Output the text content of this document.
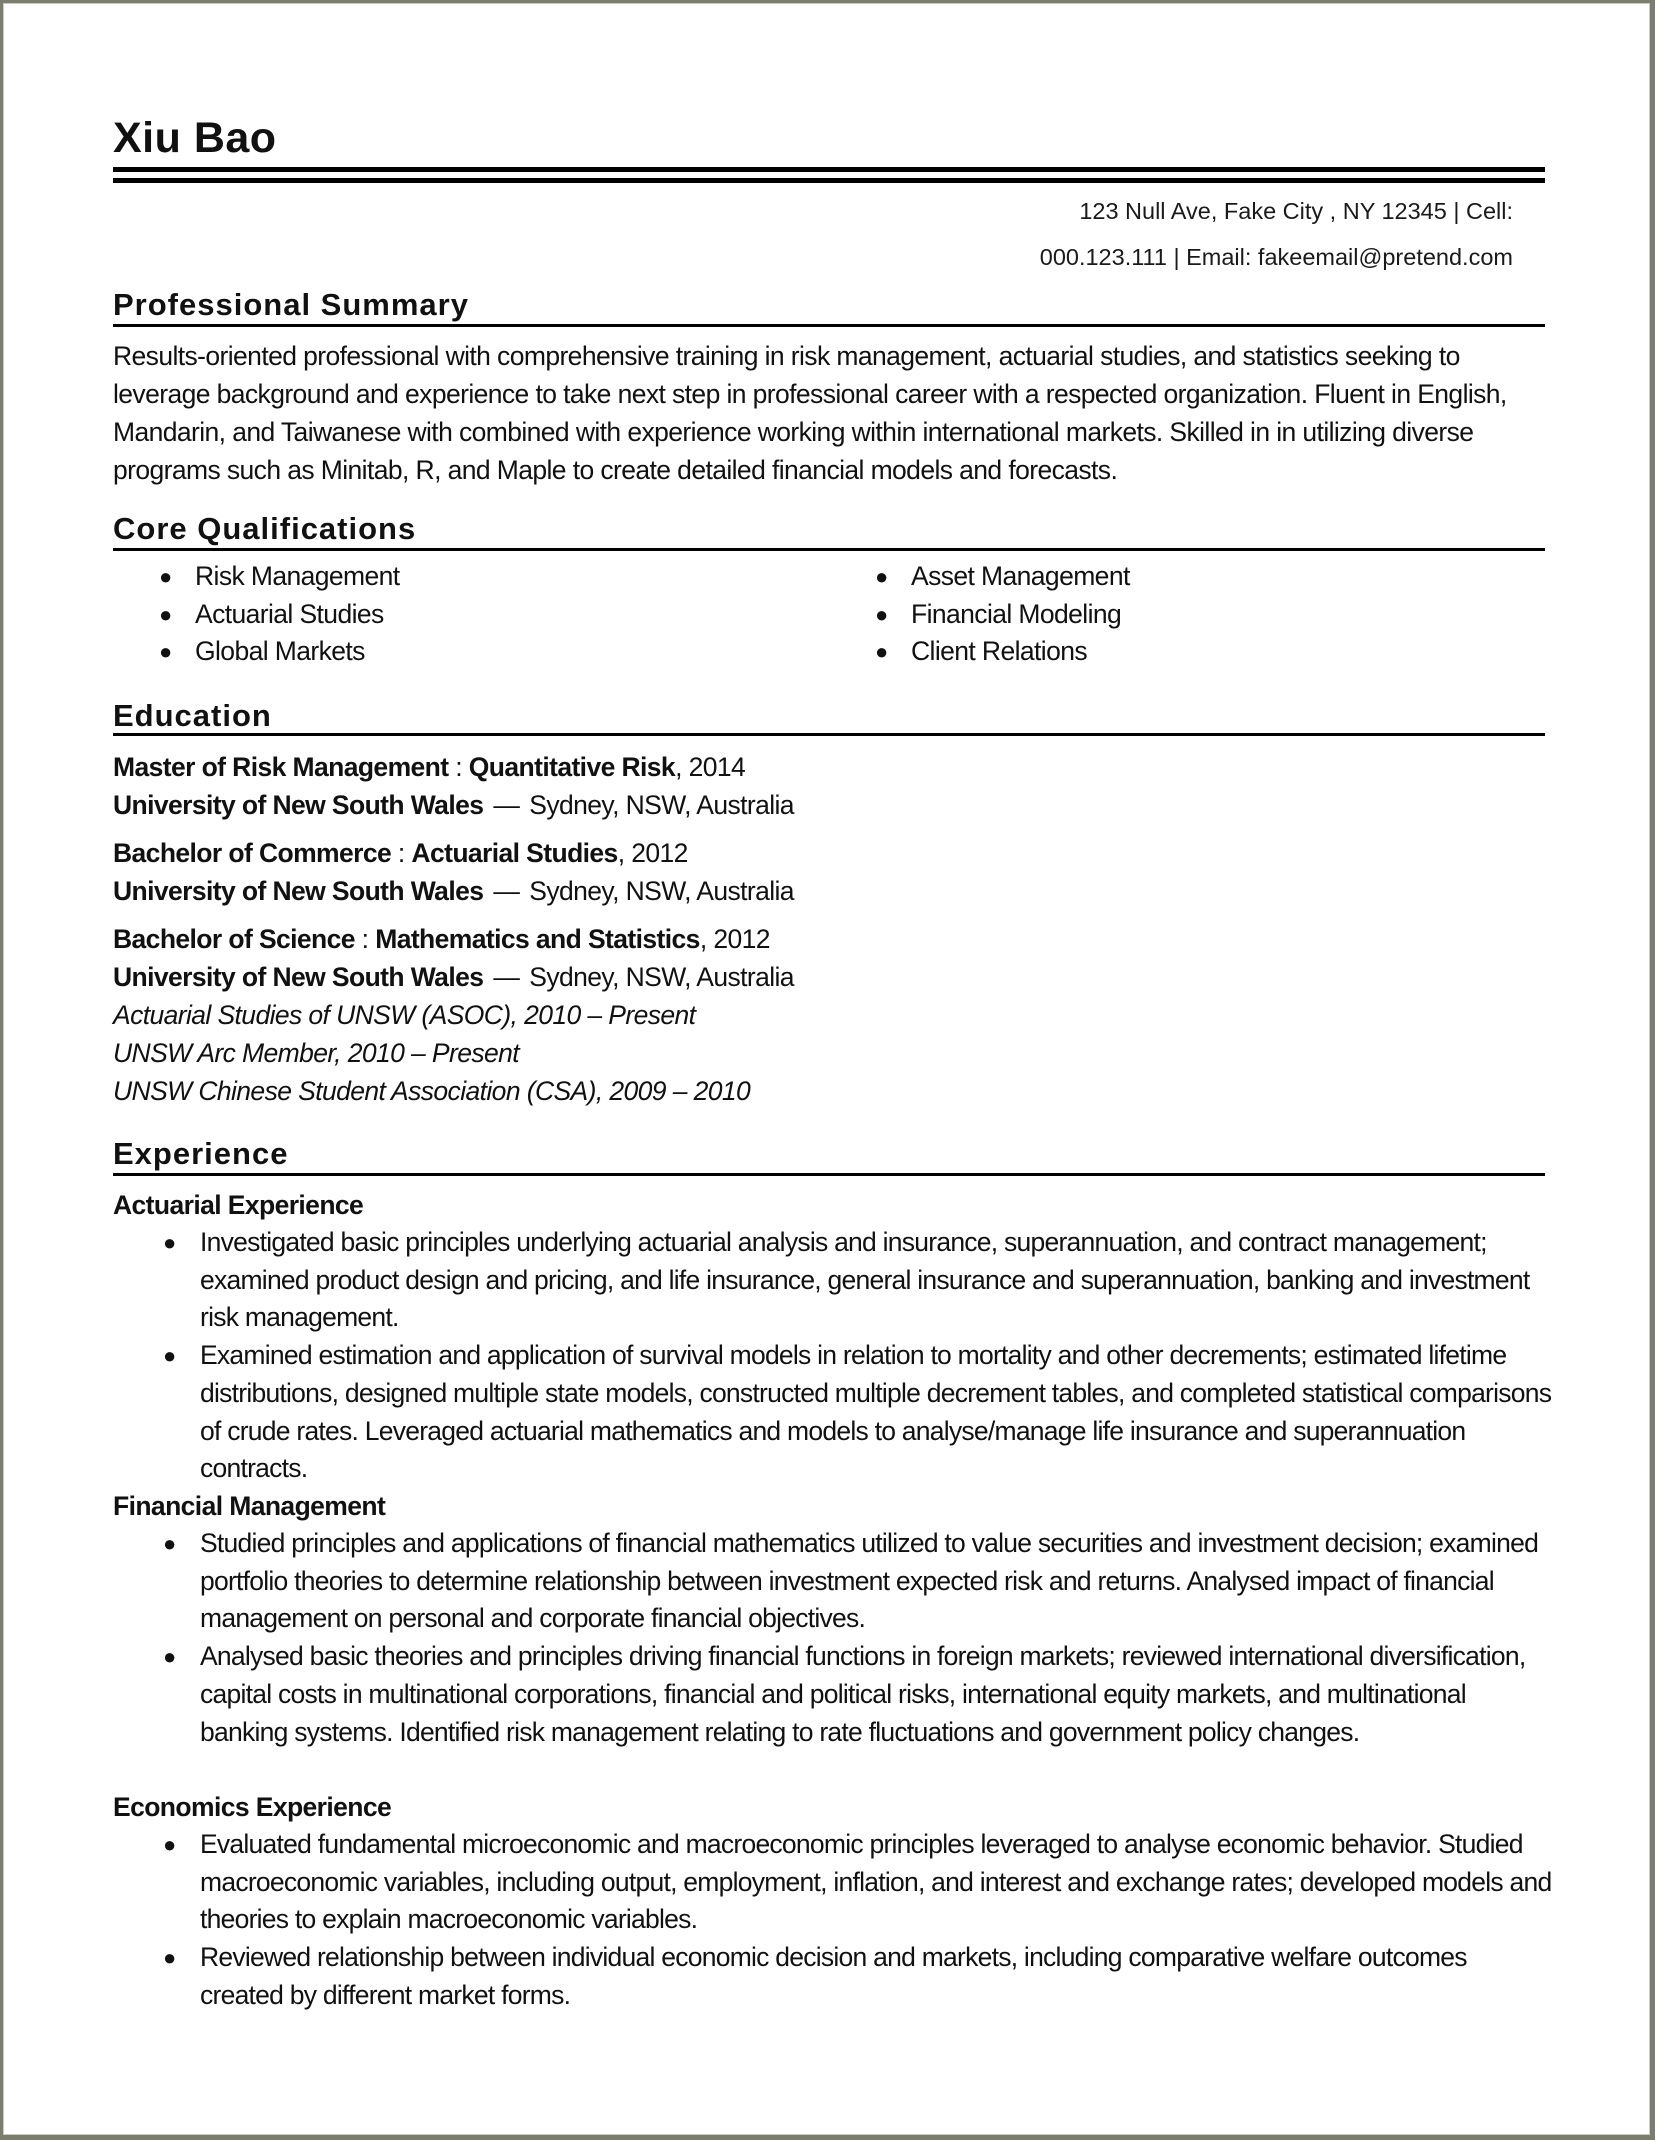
Xiu Bao
123 Null Ave, Fake City , NY 12345 | Cell:
000.123.111 | Email: fakeemail@pretend.com
Professional Summary
Results-oriented professional with comprehensive training in risk management, actuarial studies, and statistics seeking to leverage background and experience to take next step in professional career with a respected organization. Fluent in English, Mandarin, and Taiwanese with combined with experience working within international markets. Skilled in in utilizing diverse programs such as Minitab, R, and Maple to create detailed financial models and forecasts.
Core Qualifications
● Risk Management
● Actuarial Studies
● Global Markets
● Asset Management
● Financial Modeling
● Client Relations
Education
Master of Risk Management : Quantitative Risk, 2014
University of New South Wales — Sydney, NSW, Australia
Bachelor of Commerce : Actuarial Studies, 2012
University of New South Wales — Sydney, NSW, Australia
Bachelor of Science : Mathematics and Statistics, 2012
University of New South Wales — Sydney, NSW, Australia
Actuarial Studies of UNSW (ASOC), 2010 – Present
UNSW Arc Member, 2010 – Present
UNSW Chinese Student Association (CSA), 2009 – 2010
Experience
Actuarial Experience
● Investigated basic principles underlying actuarial analysis and insurance, superannuation, and contract management; examined product design and pricing, and life insurance, general insurance and superannuation, banking and investment risk management.
● Examined estimation and application of survival models in relation to mortality and other decrements; estimated lifetime distributions, designed multiple state models, constructed multiple decrement tables, and completed statistical comparisons of crude rates. Leveraged actuarial mathematics and models to analyse/manage life insurance and superannuation contracts.
Financial Management
● Studied principles and applications of financial mathematics utilized to value securities and investment decision; examined portfolio theories to determine relationship between investment expected risk and returns. Analysed impact of financial management on personal and corporate financial objectives.
● Analysed basic theories and principles driving financial functions in foreign markets; reviewed international diversification, capital costs in multinational corporations, financial and political risks, international equity markets, and multinational banking systems. Identified risk management relating to rate fluctuations and government policy changes.
Economics Experience
● Evaluated fundamental microeconomic and macroeconomic principles leveraged to analyse economic behavior. Studied macroeconomic variables, including output, employment, inflation, and interest and exchange rates; developed models and theories to explain macroeconomic variables.
● Reviewed relationship between individual economic decision and markets, including comparative welfare outcomes created by different market forms.
